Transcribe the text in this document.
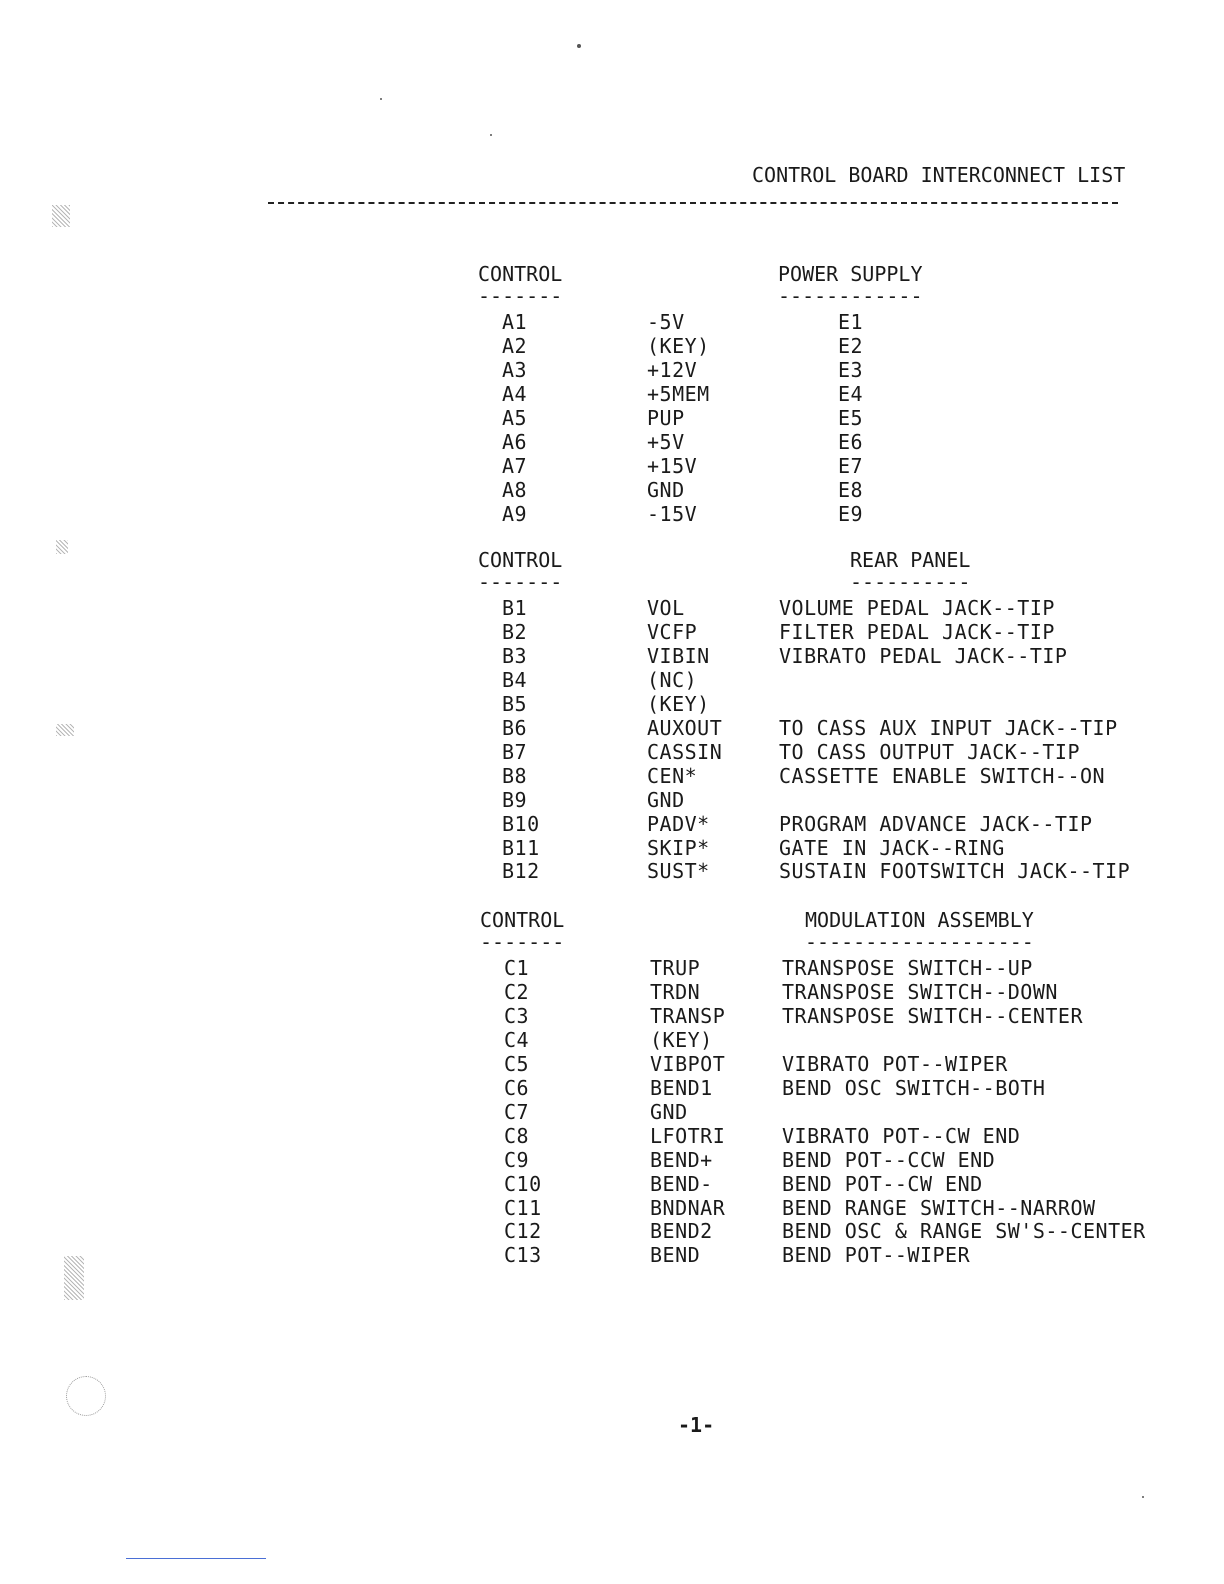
CONTROL BOARD INTERCONNECT LIST
CONTROL
-------
POWER SUPPLY
------------
A1	-5V	E1
A2	(KEY)	E2
A3	+12V	E3
A4	+5MEM	E4
A5	PUP	E5
A6	+5V	E6
A7	+15V	E7
A8	GND	E8
A9	-15V	E9
CONTROL
-------
REAR PANEL
----------
B1	VOL	VOLUME PEDAL JACK--TIP
B2	VCFP	FILTER PEDAL JACK--TIP
B3	VIBIN	VIBRATO PEDAL JACK--TIP
B4	(NC)
B5	(KEY)
B6	AUXOUT	TO CASS AUX INPUT JACK--TIP
B7	CASSIN	TO CASS OUTPUT JACK--TIP
B8	CEN*	CASSETTE ENABLE SWITCH--ON
B9	GND
B10	PADV*	PROGRAM ADVANCE JACK--TIP
B11	SKIP*	GATE IN JACK--RING
B12	SUST*	SUSTAIN FOOTSWITCH JACK--TIP
CONTROL
-------
MODULATION ASSEMBLY
-------------------
C1	TRUP	TRANSPOSE SWITCH--UP
C2	TRDN	TRANSPOSE SWITCH--DOWN
C3	TRANSP	TRANSPOSE SWITCH--CENTER
C4	(KEY)
C5	VIBPOT	VIBRATO POT--WIPER
C6	BEND1	BEND OSC SWITCH--BOTH
C7	GND
C8	LFOTRI	VIBRATO POT--CW END
C9	BEND+	BEND POT--CCW END
C10	BEND-	BEND POT--CW END
C11	BNDNAR	BEND RANGE SWITCH--NARROW
C12	BEND2	BEND OSC & RANGE SW'S--CENTER
C13	BEND	BEND POT--WIPER
-1-
